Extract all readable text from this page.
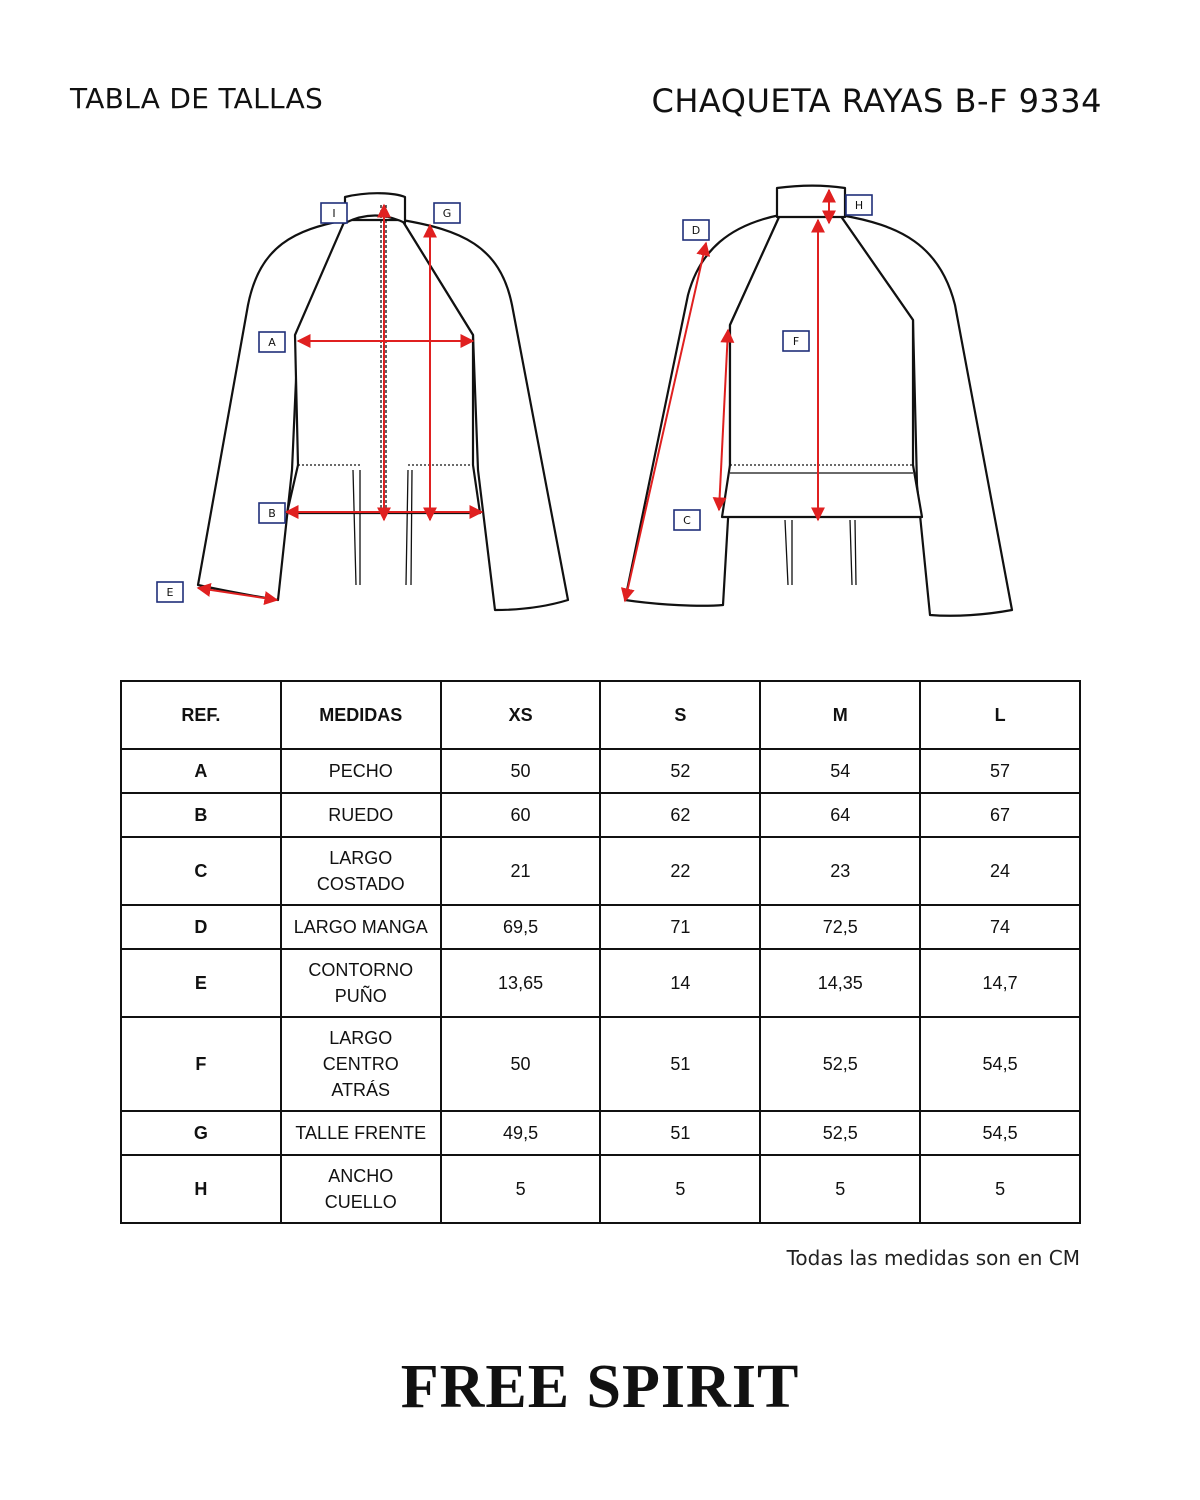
TABLA DE TALLAS	CHAQUETA RAYAS B-F 9334
I	G
A
B
E
H
D
F
C
REF.	MEDIDAS	XS	S	M	L
A	PECHO	50	52	54	57
B	RUEDO	60	62	64	67
C	LARGO COSTADO	21	22	23	24
D	LARGO MANGA	69,5	71	72,5	74
E	CONTORNO PUÑO	13,65	14	14,35	14,7
F	LARGO CENTRO ATRÁS	50	51	52,5	54,5
G	TALLE FRENTE	49,5	51	52,5	54,5
H	ANCHO CUELLO	5	5	5	5
Todas las medidas son en CM
FREE SPIRIT
